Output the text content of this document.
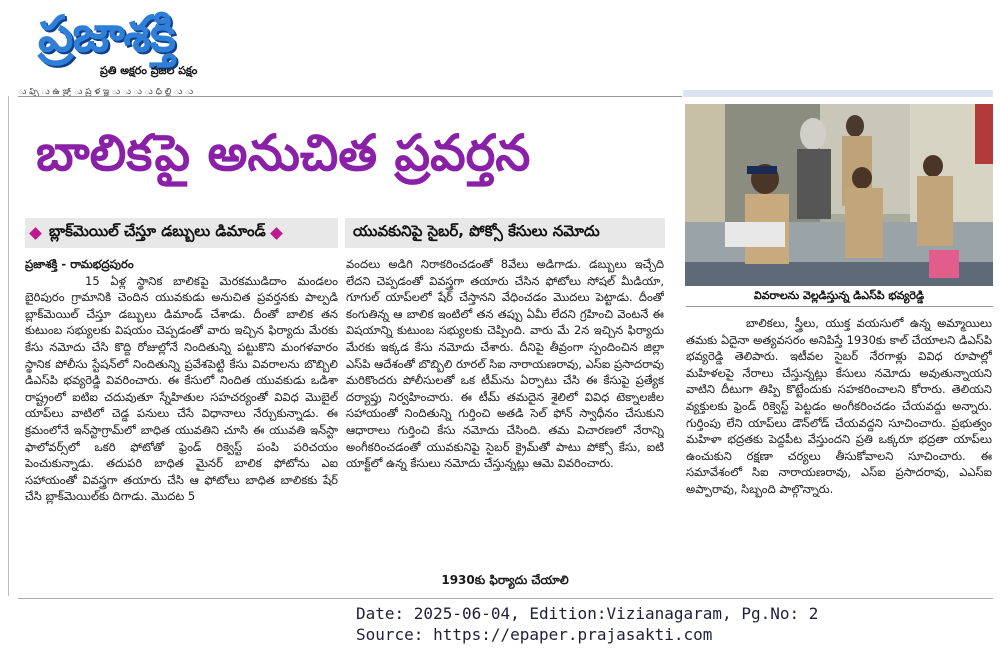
ప్రజాశక్తి
ప్రతి అక్షరం ప్రజల పక్షం
ు ఫ్స్ ు ఉ ఞ్ర్ ు ప్ర ళ ఇ్ల ు ు ు ు ధ్ ల్లి ు ు
బాలికపై అనుచిత ప్రవర్తన
బ్లాక్‌మెయిల్ చేస్తూ డబ్బులు డిమాండ్	యువకునిపై సైబర్, పోక్సో కేసులు నమోదు

ప్రజాశక్తి - రామభద్రపురం

15 ఏళ్ల స్థానిక బాలికపై మెరకముడిదాం మండలం బైరిపురం గ్రామానికి చెందిన యువకుడు అనుచిత ప్రవర్తనకు పాల్పడి బ్లాక్‌మెయిల్ చేస్తూ డబ్బులు డిమాండ్ చేశాడు. దీంతో బాలిక తన కుటుంబ సభ్యులకు విషయం చెప్పడంతో వారు ఇచ్చిన ఫిర్యాదు మేరకు కేసు నమోదు చేసి కొద్ది రోజుల్లోనే నిందితున్ని పట్టుకొని మంగళవారం స్థానిక పోలీసు స్టేషన్‌లో నిందితున్ని ప్రవేశపెట్టి కేసు వివరాలను బొబ్బిలి డిఎస్‌పి భవ్యరెడ్డి వివరించారు. ఈ కేసులో నిందిత యువకుడు ఒడిశా రాష్ట్రంలో ఐటిఐ చదువుతూ స్నేహితుల సహచర్యంతో వివిధ మొబైల్ యాప్‌లు వాటిలో చెడ్డ పనులు చేసే విధానాలు నేర్చుకున్నాడు. ఈ క్రమంలోనే ఇన్‌స్టాగ్రామ్‌లో బాధిత యువతిని చూసి ఈ యువతి ఇన్‌స్టా ఫాలోవర్స్‌లో ఒకరి ఫోటోతో ఫ్రెండ్ రిక్వెస్ట్ పంపి పరిచయం పెంచుకున్నాడు. తదుపరి బాధిత మైనర్ బాలిక ఫోటోను ఎఐ సహాయంతో వివస్త్రగా తయారు చేసి ఆ ఫోటోలు బాధిత బాలికకు షేర్ చేసి బ్లాక్‌మెయిల్‌కు దిగాడు. మొదట 5

వందలు అడిగి నిరాకరించడంతో 8వేలు అడిగాడు. డబ్బులు ఇచ్చేది లేదని చెప్పడంతో వివస్త్రగా తయారు చేసిన ఫోటోలు సోషల్ మీడియా, గూగుల్ యాప్‌లలో షేర్ చేస్తానని వేధించడం మొదలు పెట్టాడు. దీంతో కంగుతిన్న ఆ బాలిక ఇంటిలో తన తప్పు ఏమీ లేదని గ్రహించి వెంటనే ఈ విషయాన్ని కుటుంబ సభ్యులకు చెప్పింది. వారు మే 2న ఇచ్చిన ఫిర్యాదు మేరకు ఇక్కడ కేసు నమోదు చేశారు. దీనిపై తీవ్రంగా స్పందించిన జిల్లా ఎస్‌పి ఆదేశంతో బొబ్బిలి రూరల్ సిఐ నారాయణరావు, ఎస్ఐ ప్రసాదరావు మరికొందరు పోలీసులతో ఒక టీమ్‌ను ఏర్పాటు చేసి ఈ కేసుపై ప్రత్యేక దర్యాప్తు నిర్వహించారు. ఈ టీమ్ తమదైన శైలిలో వివిధ టెక్నాలజీల సహాయంతో నిందితున్ని గుర్తించి అతడి సెల్ ఫోన్ స్వాధీనం చేసుకుని ఆధారాలు గుర్తించి కేసు నమోదు చేసింది. తమ విచారణలో నేరాన్ని అంగీకరించడంతో యువకునిపై సైబర్ క్రైమ్‌తో పాటు పోక్సో కేసు, ఐటి యాక్ట్‌లో ఉన్న కేసులు నమోదు చేస్తున్నట్లు ఆమె వివరించారు.

1930కు ఫిర్యాదు చేయాలి
వివరాలను వెల్లడిస్తున్న డిఎస్‌పి భవ్యరెడ్డి

బాలికలు, స్త్రీలు, యుక్త వయసులో ఉన్న అమ్మాయిలు తమకు ఏదైనా అత్యవసరం అనిపిస్తే 1930కు కాల్ చేయాలని డిఎస్‌పి భవ్యరెడ్డి తెలిపారు. ఇటీవల సైబర్ నేరగాళ్లు వివిధ రూపాల్లో మహిళలపై నేరాలు చేస్తున్నట్లు కేసులు నమోదు అవుతున్నాయని వాటిని దీటుగా తిప్పి కొట్టేందుకు సహకరించాలని కోరారు. తెలియని వ్యక్తులకు ఫ్రెండ్ రిక్వెస్ట్ పెట్టడం అంగీకరించడం చేయవద్దు అన్నారు. గుర్తింపు లేని యాప్‌లు డౌన్‌లోడ్ చేయవద్దని సూచించారు. ప్రభుత్వం మహిళా భద్రతకు పెద్దపీట వేస్తుందని ప్రతి ఒక్కరూ భద్రతా యాప్‌లు ఉంచుకుని రక్షణా చర్యలు తీసుకోవాలని సూచించారు. ఈ సమావేశంలో సిఐ నారాయణరావు, ఎస్ఐ ప్రసాదరావు, ఎఎస్ఐ అప్పారావు, సిబ్బంది పాల్గొన్నారు.

Date: 2025-06-04, Edition:Vizianagaram, Pg.No: 2
Source: https://epaper.prajasakti.com
